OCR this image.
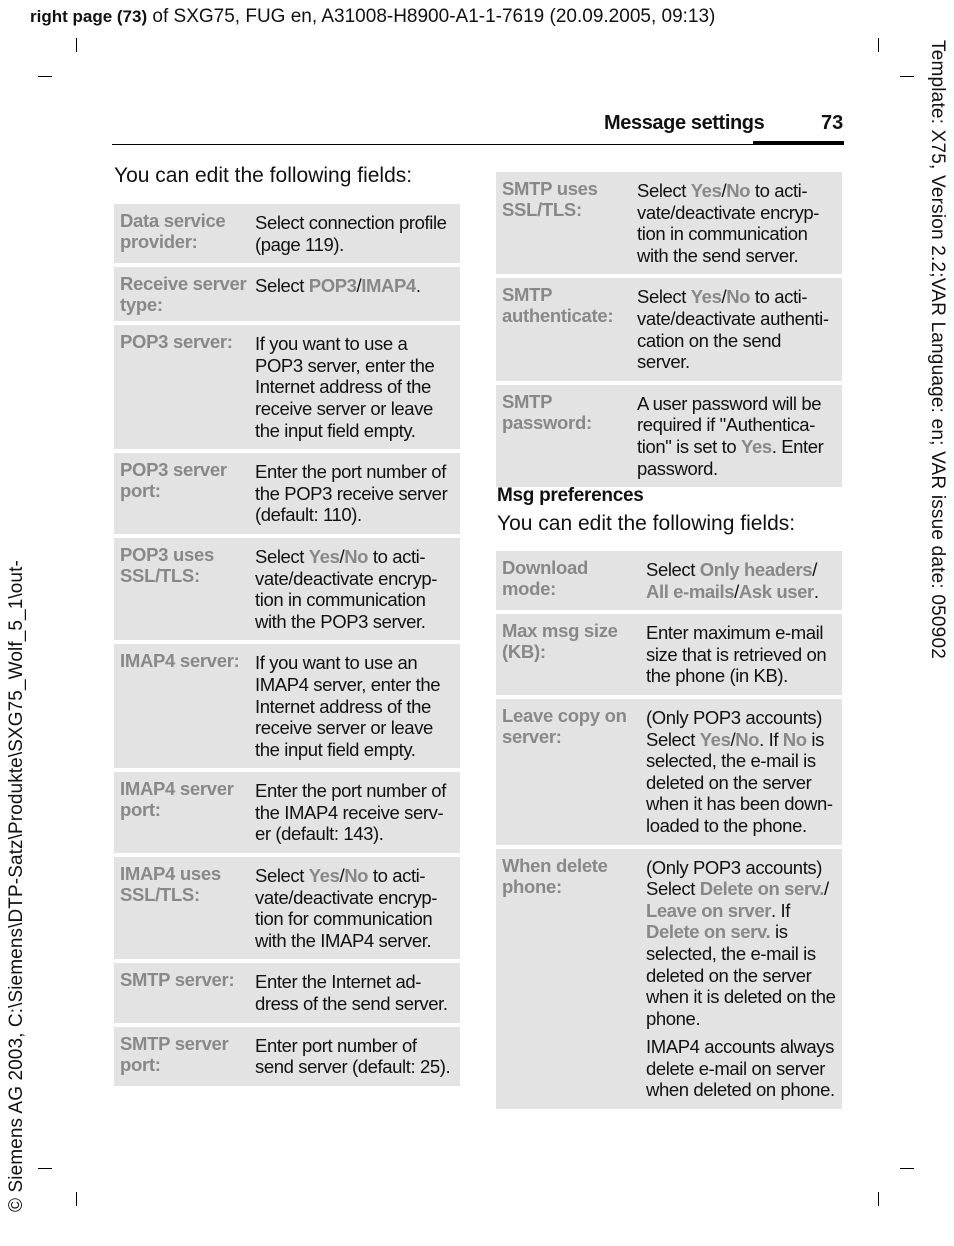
right page (73) of SXG75, FUG en, A31008-H8900-A1-1-7619 (20.09.2005, 09:13)
Template: X75, Version 2.2;VAR Language: en; VAR issue date: 050902
© Siemens AG 2003, C:\Siemens\DTP-Satz\Produkte\SXG75_Wolf_5_1\out-
Message settings	73
You can edit the following fields:
Data service provider:

Select connection profile (page 119).

Receive server type:

Select POP3/IMAP4.

POP3 server:	If you want to use a POP3 server, enter the Internet address of the receive server or leave the input field empty.

POP3 server port:

Enter the port number of the POP3 receive server (default: 110).

POP3 uses SSL/TLS:

Select Yes/No to acti-vate/deactivate encryp-tion in communication with the POP3 server.

IMAP4 server: If you want to use an IMAP4 server, enter the Internet address of the receive server or leave the input field empty.

IMAP4 server port:

Enter the port number of the IMAP4 receive serv-er (default: 143).

IMAP4 uses SSL/TLS:

Select Yes/No to acti-vate/deactivate encryp-tion for communication with the IMAP4 server.

SMTP server:	Enter the Internet ad-dress of the send server.

SMTP server port:

Enter port number of send server (default: 25).

SMTP uses SSL/TLS:

Select Yes/No to acti-vate/deactivate encryp-tion in communication with the send server.

SMTP authenticate:

Select Yes/No to acti-vate/deactivate authenti-cation on the send server.

SMTP password:

A user password will be required if "Authentica-tion" is set to Yes. Enter password.

Msg preferences
You can edit the following fields:
Download mode:

Select Only headers/ All e-mails/Ask user.

Max msg size (KB):

Enter maximum e-mail size that is retrieved on the phone (in KB).

Leave copy on server:

(Only POP3 accounts) Select Yes/No. If No is selected, the e-mail is deleted on the server when it has been down-loaded to the phone.

When delete phone:

(Only POP3 accounts) Select Delete on serv./ Leave on srver. If Delete on serv. is selected, the e-mail is deleted on the server when it is deleted on the phone.

IMAP4 accounts always delete e-mail on server when deleted on phone.
